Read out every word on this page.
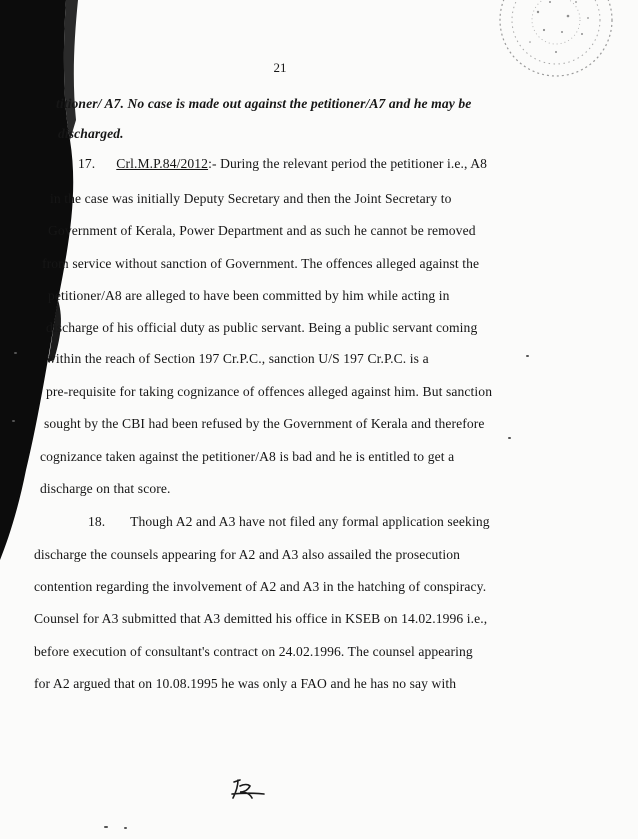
21
titioner/ A7. No case is made out against the petitioner/A7 and he may be
discharged.
17. Crl.M.P.84/2012:- During the relevant period the petitioner i.e., A8
in the case was initially Deputy Secretary and then the Joint Secretary to
Government of Kerala, Power Department and as such he cannot be removed
from service without sanction of Government. The offences alleged against the
petitioner/A8 are alleged to have been committed by him while acting in
discharge of his official duty as public servant. Being a public servant coming
within the reach of Section 197 Cr.P.C., sanction U/S 197 Cr.P.C. is a
pre-requisite for taking cognizance of offences alleged against him. But sanction
sought by the CBI had been refused by the Government of Kerala and therefore
cognizance taken against the petitioner/A8 is bad and he is entitled to get a
discharge on that score.
18. Though A2 and A3 have not filed any formal application seeking
discharge the counsels appearing for A2 and A3 also assailed the prosecution
contention regarding the involvement of A2 and A3 in the hatching of conspiracy.
Counsel for A3 submitted that A3 demitted his office in KSEB on 14.02.1996 i.e.,
before execution of consultant's contract on 24.02.1996. The counsel appearing
for A2 argued that on 10.08.1995 he was only a FAO and he has no say with
